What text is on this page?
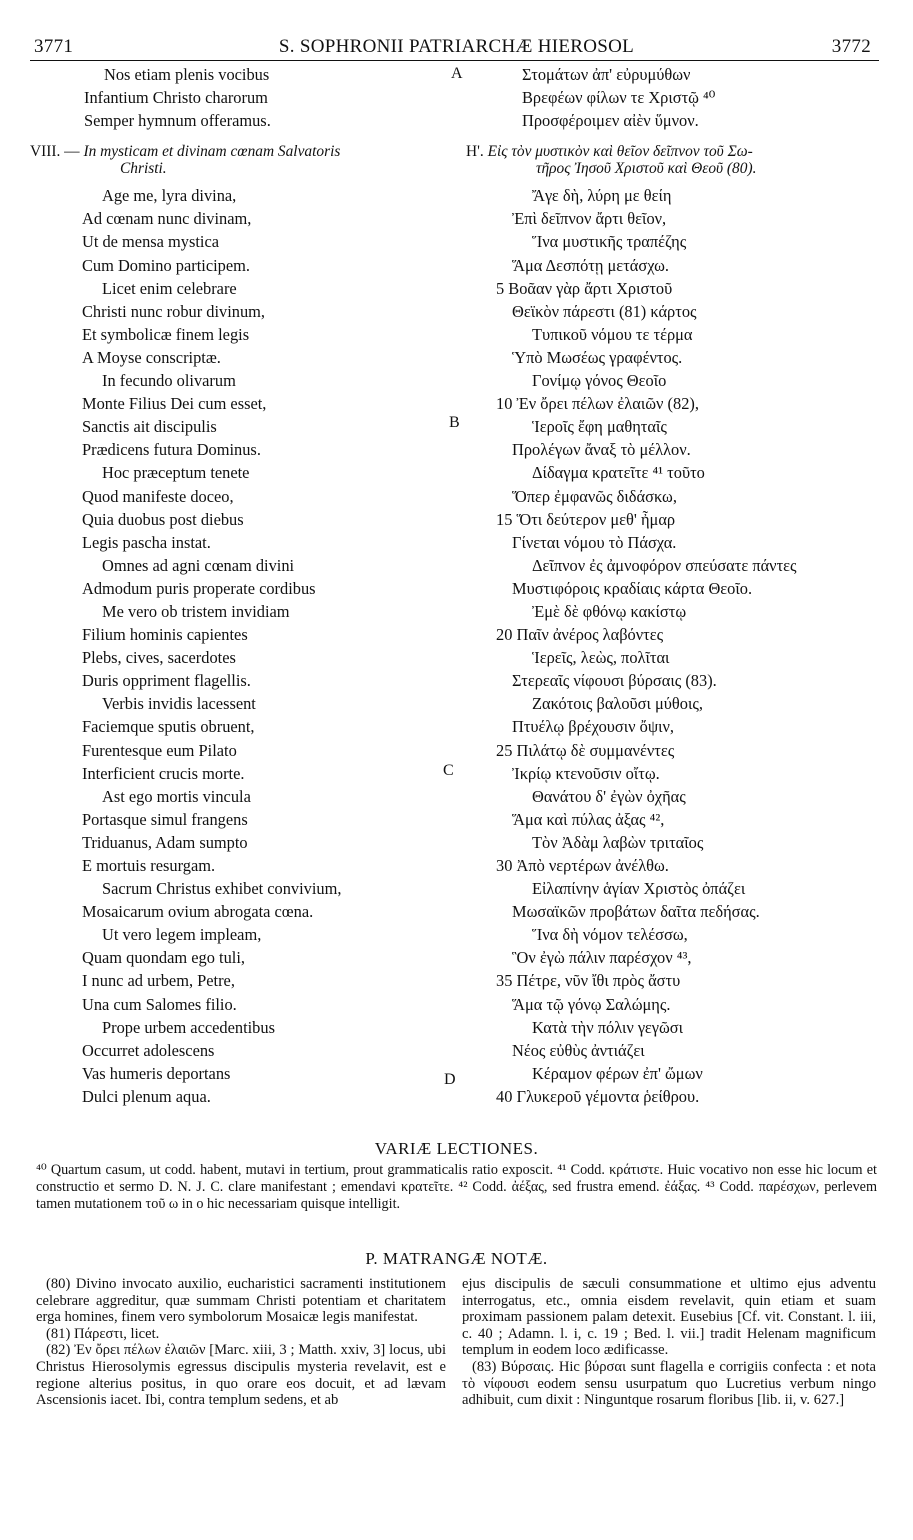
3771	S. SOPHRONII PATRIARCHÆ HIEROSOL	3772
A
B
C
D
Nos etiam plenis vocibus
Infantium Christo charorum
Semper hymnum offeramus.
VIII. — In mysticam et divinam cœnam Salvatoris
Christi.
Age me, lyra divina,
Ad cœnam nunc divinam,
Ut de mensa mystica
Cum Domino participem.
Licet enim celebrare
Christi nunc robur divinum,
Et symbolicæ finem legis
A Moyse conscriptæ.
In fecundo olivarum
Monte Filius Dei cum esset,
Sanctis ait discipulis
Prædicens futura Dominus.
Hoc præceptum tenete
Quod manifeste doceo,
Quia duobus post diebus
Legis pascha instat.
Omnes ad agni cœnam divini
Admodum puris properate cordibus
Me vero ob tristem invidiam
Filium hominis capientes
Plebs, cives, sacerdotes
Duris oppriment flagellis.
Verbis invidis lacessent
Faciemque sputis obruent,
Furentesque eum Pilato
Interficient crucis morte.
Ast ego mortis vincula
Portasque simul frangens
Triduanus, Adam sumpto
E mortuis resurgam.
Sacrum Christus exhibet convivium,
Mosaicarum ovium abrogata cœna.
Ut vero legem impleam,
Quam quondam ego tuli,
I nunc ad urbem, Petre,
Una cum Salomes filio.
Prope urbem accedentibus
Occurret adolescens
Vas humeris deportans
Dulci plenum aqua.
Στομάτων ἀπ' εὐρυμύθων
Βρεφέων φίλων τε Χριστῷ ⁴⁰
Προσφέροιμεν αἰὲν ὕμνον.
Η'. Εἰς τὸν μυστικὸν καὶ θεῖον δεῖπνον τοῦ Σω-
τῆρος Ἰησοῦ Χριστοῦ καὶ Θεοῦ (80).
Ἄγε δὴ, λύρη με θείη
Ἐπὶ δεῖπνον ἄρτι θεῖον,
Ἵνα μυστικῆς τραπέζης
Ἅμα Δεσπότῃ μετάσχω.
5 Βοᾶαν γὰρ ἄρτι Χριστοῦ
Θεϊκὸν πάρεστι (81) κάρτος
Τυπικοῦ νόμου τε τέρμα
Ὑπὸ Μωσέως γραφέντος.
Γονίμῳ γόνος Θεοῖο
10 Ἐν ὄρει πέλων ἐλαιῶν (82),
Ἱεροῖς ἔφη μαθηταῖς
Προλέγων ἄναξ τὸ μέλλον.
Δίδαγμα κρατεῖτε ⁴¹ τοῦτο
Ὅπερ ἐμφανῶς διδάσκω,
15 Ὅτι δεύτερον μεθ' ἦμαρ
Γίνεται νόμου τὸ Πάσχα.
Δεῖπνον ἐς ἀμνοφόρον σπεύσατε πάντες
Μυστιφόροις κραδίαις κάρτα Θεοῖο.
Ἐμὲ δὲ φθόνῳ κακίστῳ
20 Παῖν ἀνέρος λαβόντες
Ἱερεῖς, λεὼς, πολῖται
Στερεαῖς νίφουσι βύρσαις (83).
Ζακότοις βαλοῦσι μύθοις,
Πτυέλῳ βρέχουσιν ὄψιν,
25 Πιλάτῳ δὲ συμμανέντες
Ἰκρίῳ κτενοῦσιν οἴτῳ.
Θανάτου δ' ἐγὼν ὀχῆας
Ἅμα καὶ πύλας ἀξας ⁴²,
Τὸν Ἀδὰμ λαβὼν τριταῖος
30 Ἀπὸ νερτέρων ἀνέλθω.
Εἰλαπίνην ἁγίαν Χριστὸς ὀπάζει
Μωσαϊκῶν προβάτων δαῖτα πεδήσας.
Ἵνα δὴ νόμον τελέσσω,
Ὃν ἐγὼ πάλιν παρέσχον ⁴³,
35 Πέτρε, νῦν ἴθι πρὸς ἄστυ
Ἅμα τῷ γόνῳ Σαλώμης.
Κατὰ τὴν πόλιν γεγῶσι
Νέος εὐθὺς ἀντιάζει
Κέραμον φέρων ἐπ' ὤμων
40 Γλυκεροῦ γέμοντα ῥείθρου.
VARIÆ LECTIONES.
⁴⁰ Quartum casum, ut codd. habent, mutavi in tertium, prout grammaticalis ratio exposcit. ⁴¹ Codd. κράτιστε. Huic vocativo non esse hic locum et constructio et sermo D. N. J. C. clare manifestant ; emendavi κρατεῖτε. ⁴² Codd. ἀέξας, sed frustra emend. ἐάξας. ⁴³ Codd. παρέσχων, perlevem tamen mutationem τοῦ ω in ο hic necessariam quisque intelligit.
P. MATRANGÆ NOTÆ.

(80) Divino invocato auxilio, eucharistici sacramenti institutionem celebrare aggreditur, quæ summam Christi potentiam et charitatem erga homines, finem vero symbolorum Mosaicæ legis manifestat.

(81) Πάρεστι, licet.

(82) Ἐν ὄρει πέλων ἐλαιῶν [Marc. xiii, 3 ; Matth. xxiv, 3] locus, ubi Christus Hierosolymis egressus discipulis mysteria revelavit, est e regione alterius positus, in quo orare eos docuit, et ad lævam Ascensionis iacet. Ibi, contra templum sedens, et ab

ejus discipulis de sæculi consummatione et ultimo ejus adventu interrogatus, etc., omnia eisdem revelavit, quin etiam et suam proximam passionem palam detexit. Eusebius [Cf. vit. Constant. l. iii, c. 40 ; Adamn. l. i, c. 19 ; Bed. l. vii.] tradit Helenam magnificum templum in eodem loco ædificasse.

(83) Βύρσαις. Hic βύρσαι sunt flagella e corrigiis confecta : et nota τὸ νίφουσι eodem sensu usurpatum quo Lucretius verbum ningo adhibuit, cum dixit : Ninguntque rosarum floribus [lib. ii, v. 627.]
